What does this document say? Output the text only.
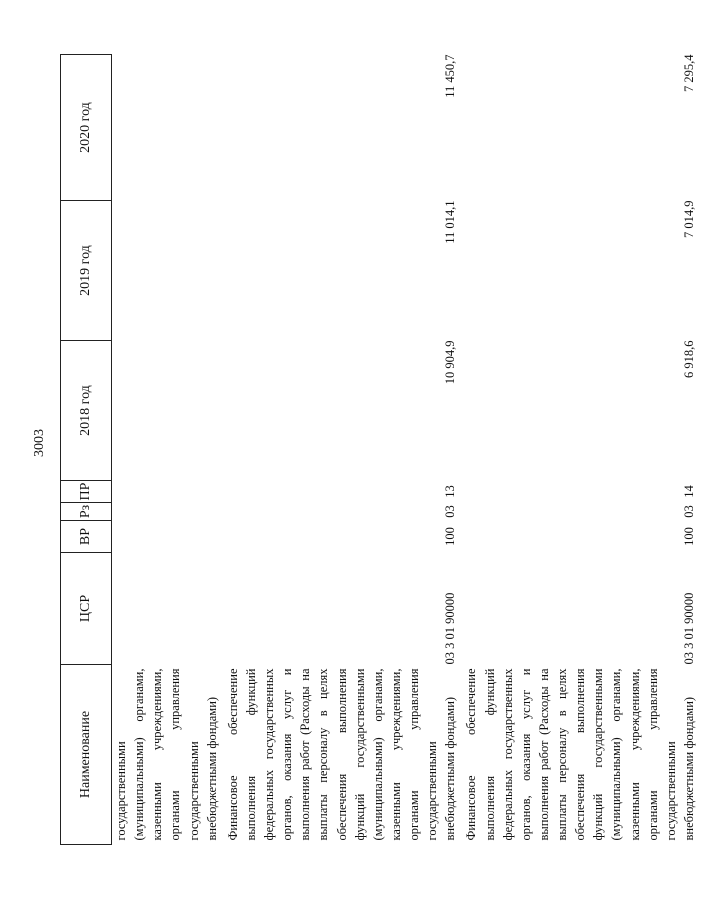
3003
Наименование	ЦСР	ВР	Рз	ПР	2018 год	2019 год	2020 год
государственными (муниципальными) органами, казенными учреждениями, органами управления государственными внебюджетными фондами)							
Финансовое обеспечение выполнения функций федеральных государственных органов, оказания услуг и выполнения работ (Расходы на выплаты персоналу в целях обеспечения выполнения функций государственными (муниципальными) органами, казенными учреждениями, органами управления государственными внебюджетными фондами)	03 3 01 90000	100	03	13	10 904,9	11 014,1	11 450,7
Финансовое обеспечение выполнения функций федеральных государственных органов, оказания услуг и выполнения работ (Расходы на выплаты персоналу в целях обеспечения выполнения функций государственными (муниципальными) органами, казенными учреждениями, органами управления государственными внебюджетными фондами)	03 3 01 90000	100	03	14	6 918,6	7 014,9	7 295,4
